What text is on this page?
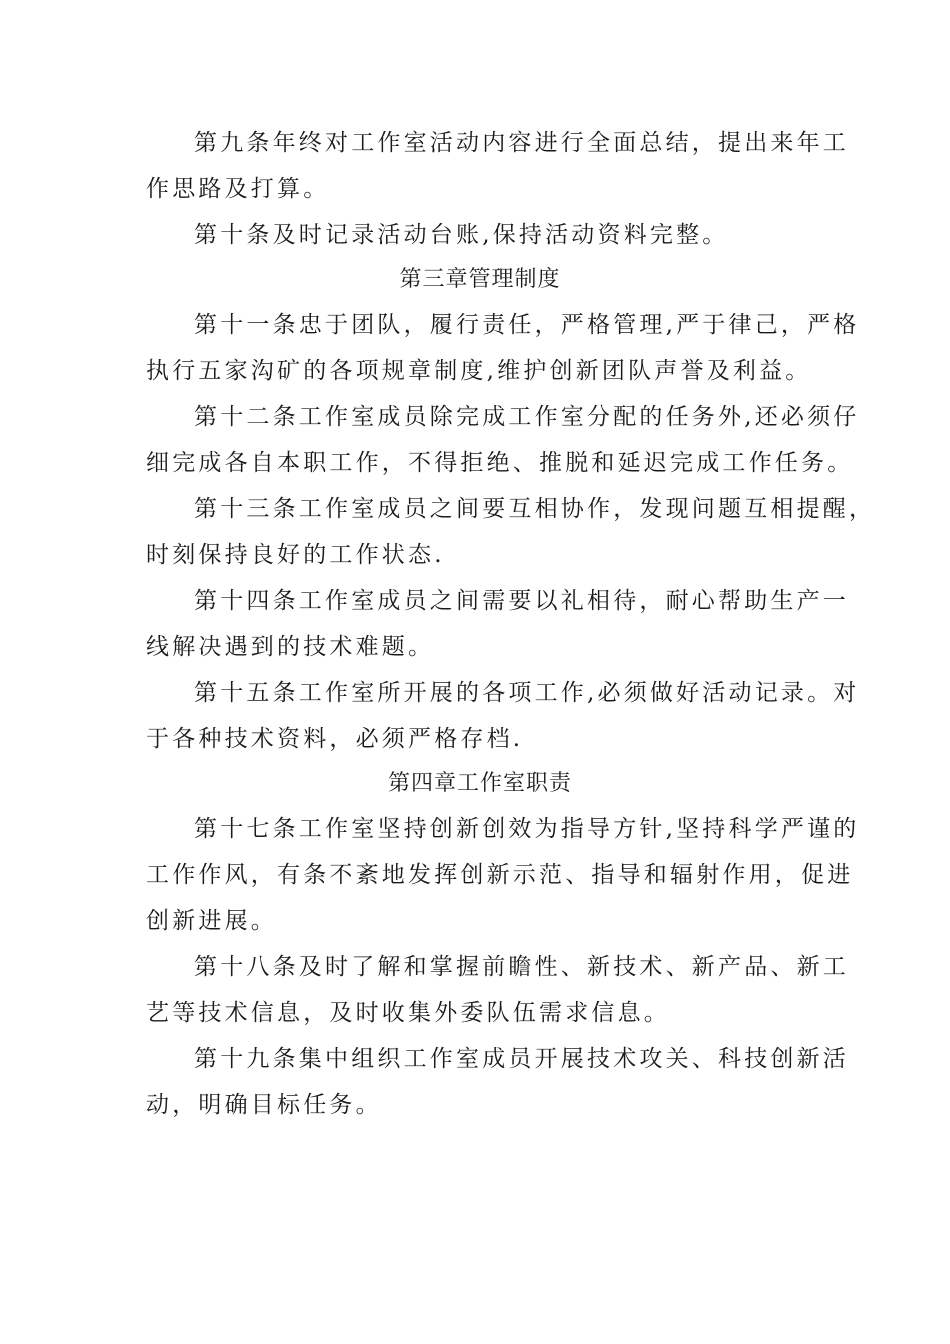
第九条年终对工作室活动内容进行全面总结，提出来年工
作思路及打算。
第十条及时记录活动台账,保持活动资料完整。
第三章管理制度
第十一条忠于团队，履行责任，严格管理,严于律己，严格
执行五家沟矿的各项规章制度,维护创新团队声誉及利益。
第十二条工作室成员除完成工作室分配的任务外,还必须仔
细完成各自本职工作，不得拒绝、推脱和延迟完成工作任务。
第十三条工作室成员之间要互相协作，发现问题互相提醒，
时刻保持良好的工作状态.
第十四条工作室成员之间需要以礼相待，耐心帮助生产一
线解决遇到的技术难题。
第十五条工作室所开展的各项工作,必须做好活动记录。对
于各种技术资料，必须严格存档.
第四章工作室职责
第十七条工作室坚持创新创效为指导方针,坚持科学严谨的
工作作风，有条不紊地发挥创新示范、指导和辐射作用，促进
创新进展。
第十八条及时了解和掌握前瞻性、新技术、新产品、新工
艺等技术信息，及时收集外委队伍需求信息。
第十九条集中组织工作室成员开展技术攻关、科技创新活
动，明确目标任务。
